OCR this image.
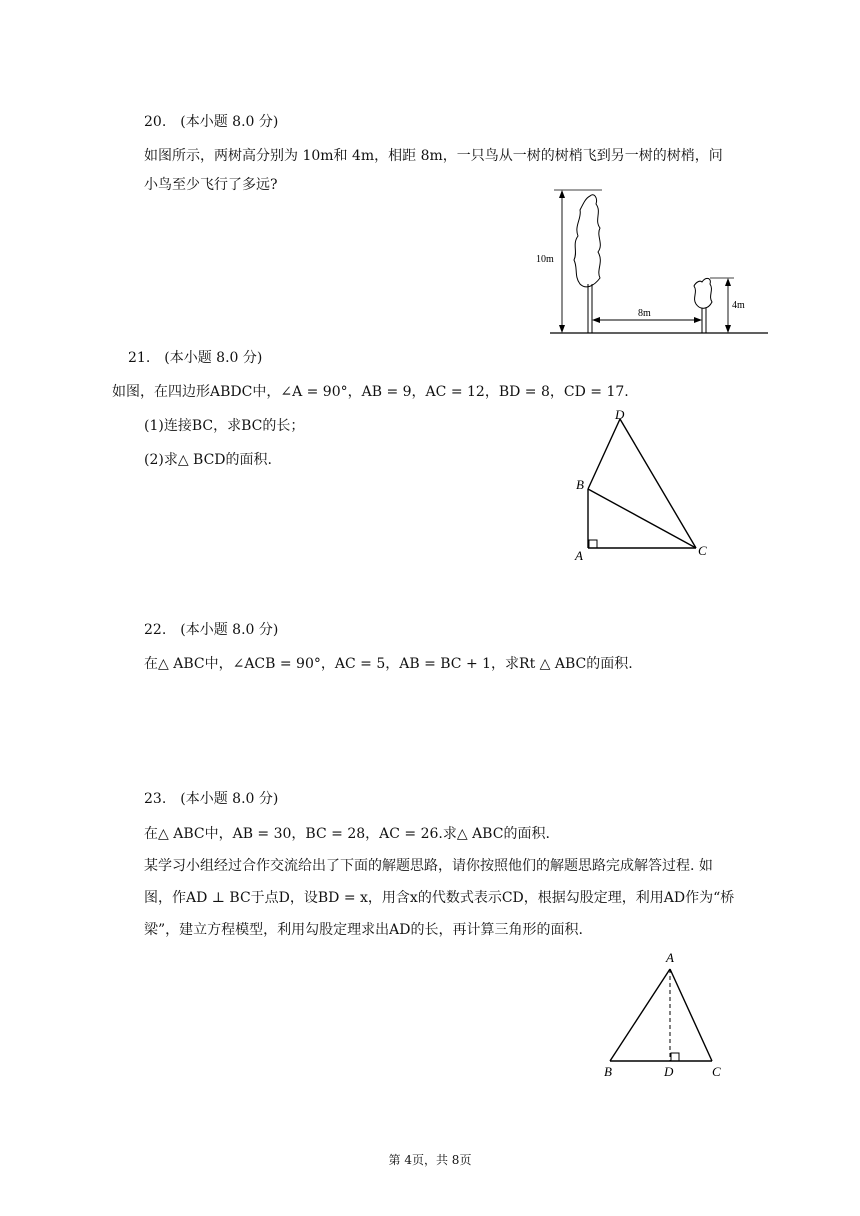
20.　(本小题 8.0 分)
如图所示，两树高分别为 10m和 4m，相距 8m，一只鸟从一树的树梢飞到另一树的树梢，问
小鸟至少飞行了多远?
10m
8m
4m
21.　(本小题 8.0 分)
如图，在四边形ABDC中，∠A = 90°，AB = 9，AC = 12，BD = 8，CD = 17.
(1)连接BC，求BC的长；
(2)求△ BCD的面积.
D
B
A	C
22.　(本小题 8.0 分)
在△ ABC中，∠ACB = 90°，AC = 5，AB = BC + 1，求Rt △ ABC的面积.
23.　(本小题 8.0 分)
在△ ABC中，AB = 30，BC = 28，AC = 26.求△ ABC的面积.
某学习小组经过合作交流给出了下面的解题思路，请你按照他们的解题思路完成解答过程. 如
图，作AD ⊥ BC于点D，设BD = x，用含x的代数式表示CD，根据勾股定理，利用AD作为“桥
梁”，建立方程模型，利用勾股定理求出AD的长，再计算三角形的面积.
A
B	D	C
第 4页，共 8页
